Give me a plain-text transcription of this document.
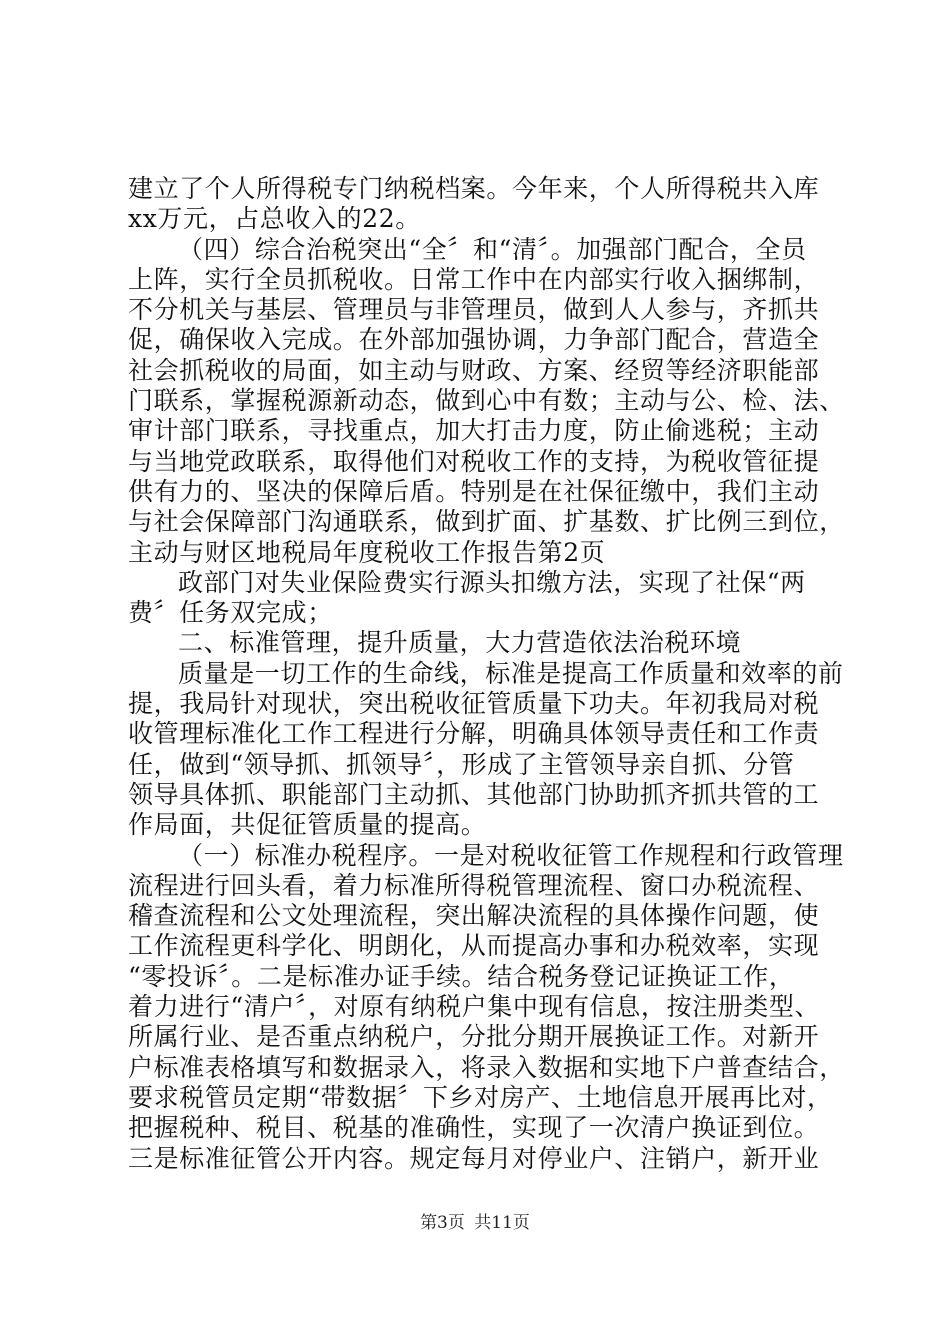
建立了个人所得税专门纳税档案。今年来，个人所得税共入库
xx万元，占总收入的22。
（四）综合治税突出“全〞和“清〞。加强部门配合，全员
上阵，实行全员抓税收。日常工作中在内部实行收入捆绑制，
不分机关与基层、管理员与非管理员，做到人人参与，齐抓共
促，确保收入完成。在外部加强协调，力争部门配合，营造全
社会抓税收的局面，如主动与财政、方案、经贸等经济职能部
门联系，掌握税源新动态，做到心中有数；主动与公、检、法、
审计部门联系，寻找重点，加大打击力度，防止偷逃税；主动
与当地党政联系，取得他们对税收工作的支持，为税收管征提
供有力的、坚决的保障后盾。特别是在社保征缴中，我们主动
与社会保障部门沟通联系，做到扩面、扩基数、扩比例三到位，
主动与财区地税局年度税收工作报告第2页
政部门对失业保险费实行源头扣缴方法，实现了社保“两
费〞任务双完成；
二、标准管理，提升质量，大力营造依法治税环境
质量是一切工作的生命线，标准是提高工作质量和效率的前
提，我局针对现状，突出税收征管质量下功夫。年初我局对税
收管理标准化工作工程进行分解，明确具体领导责任和工作责
任，做到“领导抓、抓领导〞，形成了主管领导亲自抓、分管
领导具体抓、职能部门主动抓、其他部门协助抓齐抓共管的工
作局面，共促征管质量的提高。
（一）标准办税程序。一是对税收征管工作规程和行政管理
流程进行回头看，着力标准所得税管理流程、窗口办税流程、
稽查流程和公文处理流程，突出解决流程的具体操作问题，使
工作流程更科学化、明朗化，从而提高办事和办税效率，实现
“零投诉〞。二是标准办证手续。结合税务登记证换证工作，
着力进行“清户〞，对原有纳税户集中现有信息，按注册类型、
所属行业、是否重点纳税户，分批分期开展换证工作。对新开
户标准表格填写和数据录入，将录入数据和实地下户普查结合，
要求税管员定期“带数据〞下乡对房产、土地信息开展再比对，
把握税种、税目、税基的准确性，实现了一次清户换证到位。
三是标准征管公开内容。规定每月对停业户、注销户，新开业
第3页 共11页
